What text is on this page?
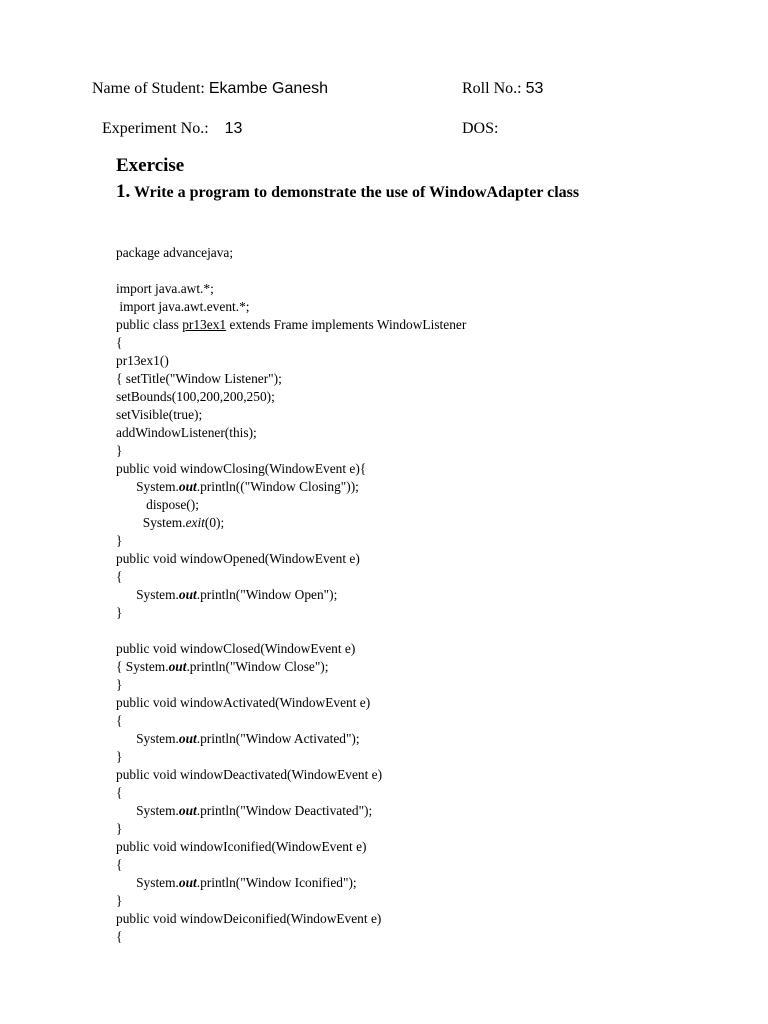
Name of Student: Ekambe Ganesh	Roll No.: 53
Experiment No.: 13	DOS:
Exercise
1. Write a program to demonstrate the use of WindowAdapter class

package advancejava;

import java.awt.*;

import java.awt.event.*;

public class pr13ex1 extends Frame implements WindowListener

{

pr13ex1()

{ setTitle("Window Listener");

setBounds(100,200,200,250);

setVisible(true);

addWindowListener(this);

}

public void windowClosing(WindowEvent e){

System.out.println(("Window Closing"));

dispose();

System.exit(0);

}

public void windowOpened(WindowEvent e)

{

System.out.println("Window Open");

}

public void windowClosed(WindowEvent e)

{ System.out.println("Window Close");

}

public void windowActivated(WindowEvent e)

{

System.out.println("Window Activated");

}

public void windowDeactivated(WindowEvent e)

{

System.out.println("Window Deactivated");

}

public void windowIconified(WindowEvent e)

{

System.out.println("Window Iconified");

}

public void windowDeiconified(WindowEvent e)

{
